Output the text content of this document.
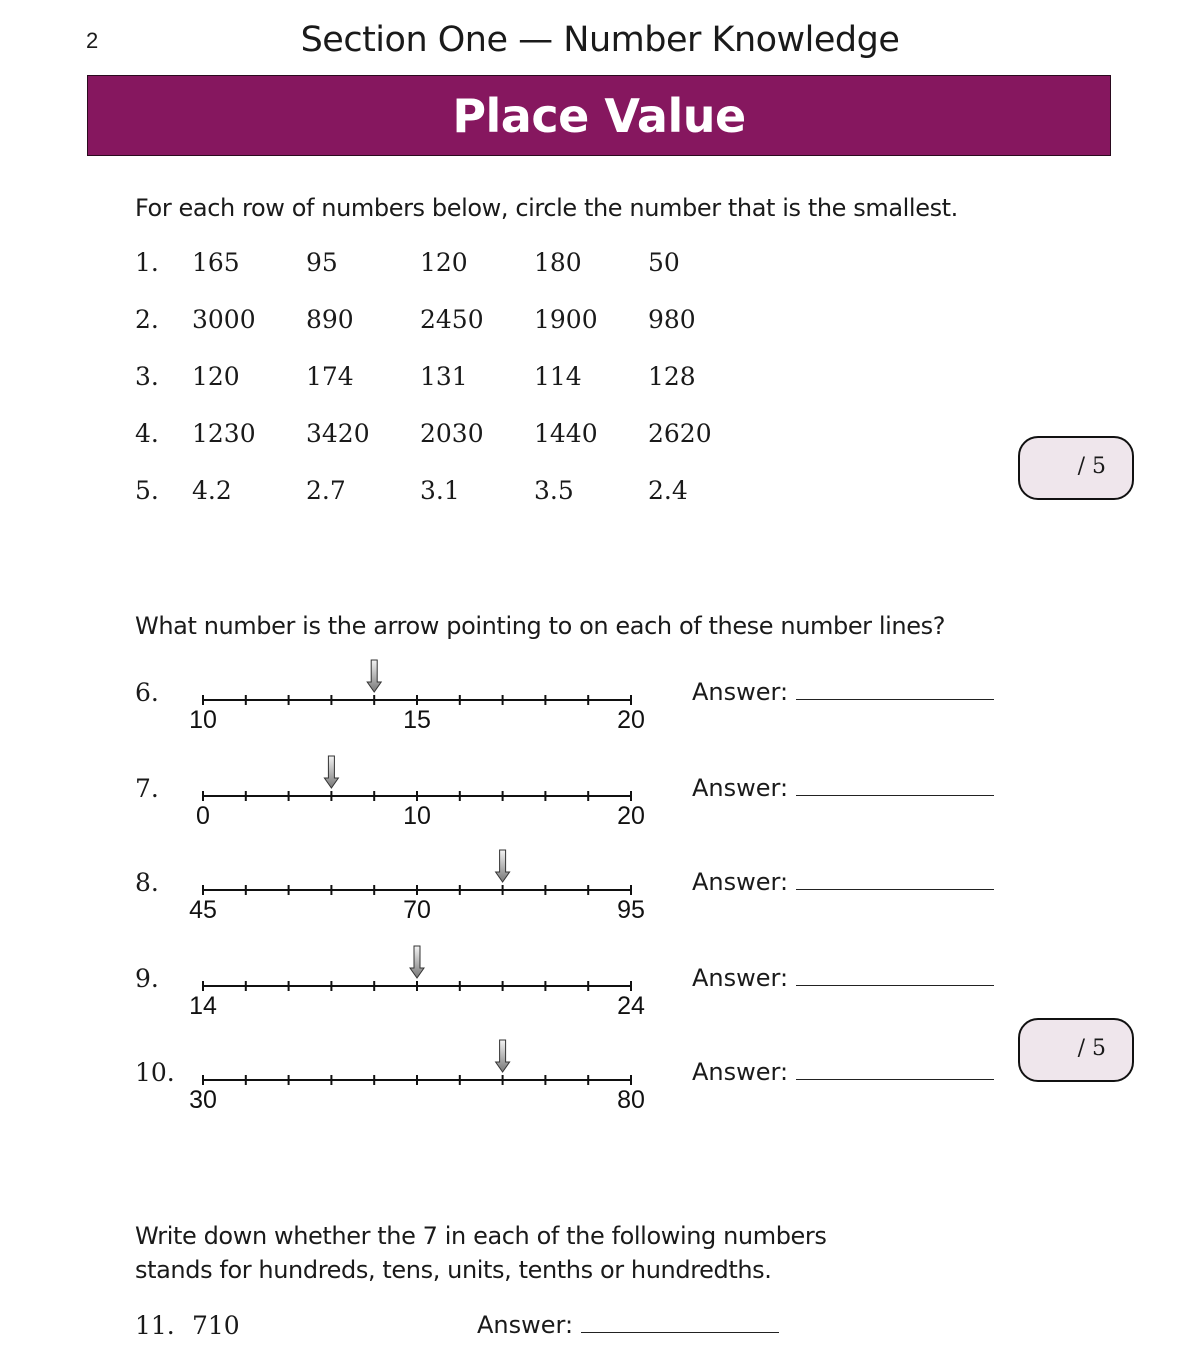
2	Section One — Number Knowledge
Place Value
For each row of numbers below, circle the number that is the smallest.
1. 165	95	120	180	50
2. 3000 890	2450 1900 980
3. 120	174	131	114	128
4. 1230 3420 2030 1440 2620
5. 4.2	2.7	3.1	3.5	2.4
/ 5
What number is the arrow pointing to on each of these number lines?
6.
10	15	20
Answer:
7.
0	10	20
Answer:
8.
45	70	95
Answer:
9.
14	24
Answer:
10.
30	80
Answer:
/ 5
Write down whether the 7 in each of the following numbers
stands for hundreds, tens, units, tenths or hundredths.
11. 710	Answer:
